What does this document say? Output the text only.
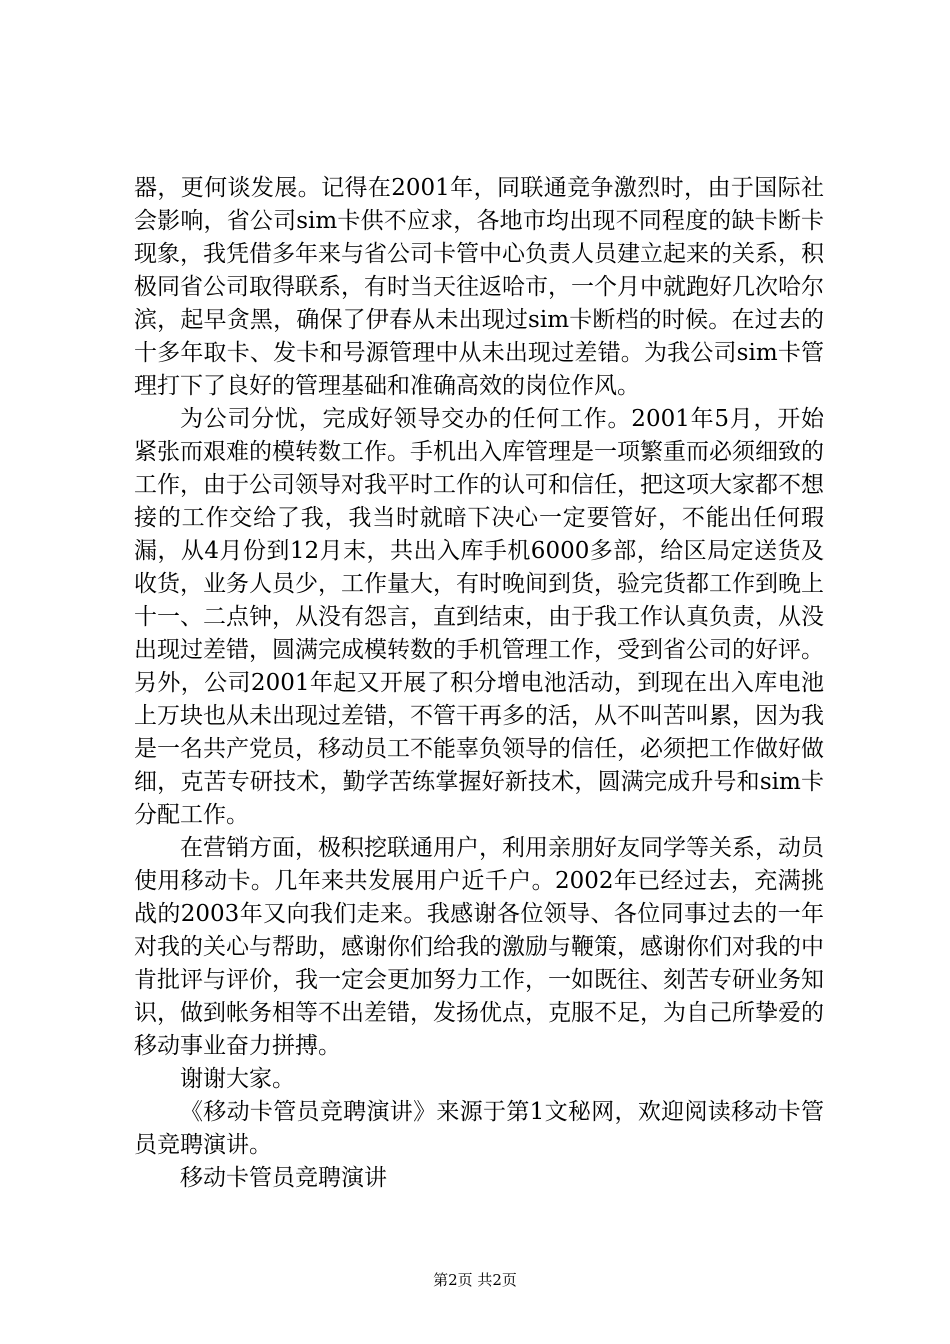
器，更何谈发展。记得在2001年，同联通竞争激烈时，由于国际社会影响，省公司sim卡供不应求，各地市均出现不同程度的缺卡断卡现象，我凭借多年来与省公司卡管中心负责人员建立起来的关系，积极同省公司取得联系，有时当天往返哈市，一个月中就跑好几次哈尔滨，起早贪黑，确保了伊春从未出现过sim卡断档的时候。在过去的十多年取卡、发卡和号源管理中从未出现过差错。为我公司sim卡管理打下了良好的管理基础和准确高效的岗位作风。

为公司分忧，完成好领导交办的任何工作。2001年5月，开始紧张而艰难的模转数工作。手机出入库管理是一项繁重而必须细致的工作，由于公司领导对我平时工作的认可和信任，把这项大家都不想接的工作交给了我，我当时就暗下决心一定要管好，不能出任何瑕漏，从4月份到12月末，共出入库手机6000多部，给区局定送货及收货，业务人员少，工作量大，有时晚间到货，验完货都工作到晚上十一、二点钟，从没有怨言，直到结束，由于我工作认真负责，从没出现过差错，圆满完成模转数的手机管理工作，受到省公司的好评。另外，公司2001年起又开展了积分增电池活动，到现在出入库电池上万块也从未出现过差错，不管干再多的活，从不叫苦叫累，因为我是一名共产党员，移动员工不能辜负领导的信任，必须把工作做好做细，克苦专研技术，勤学苦练掌握好新技术，圆满完成升号和sim卡分配工作。

在营销方面，极积挖联通用户，利用亲朋好友同学等关系，动员使用移动卡。几年来共发展用户近千户。2002年已经过去，充满挑战的2003年又向我们走来。我感谢各位领导、各位同事过去的一年对我的关心与帮助，感谢你们给我的激励与鞭策，感谢你们对我的中肯批评与评价，我一定会更加努力工作，一如既往、刻苦专研业务知识，做到帐务相等不出差错，发扬优点，克服不足，为自己所挚爱的移动事业奋力拼搏。

谢谢大家。

《移动卡管员竞聘演讲》来源于第1文秘网，欢迎阅读移动卡管员竞聘演讲。

移动卡管员竞聘演讲

第2页 共2页
